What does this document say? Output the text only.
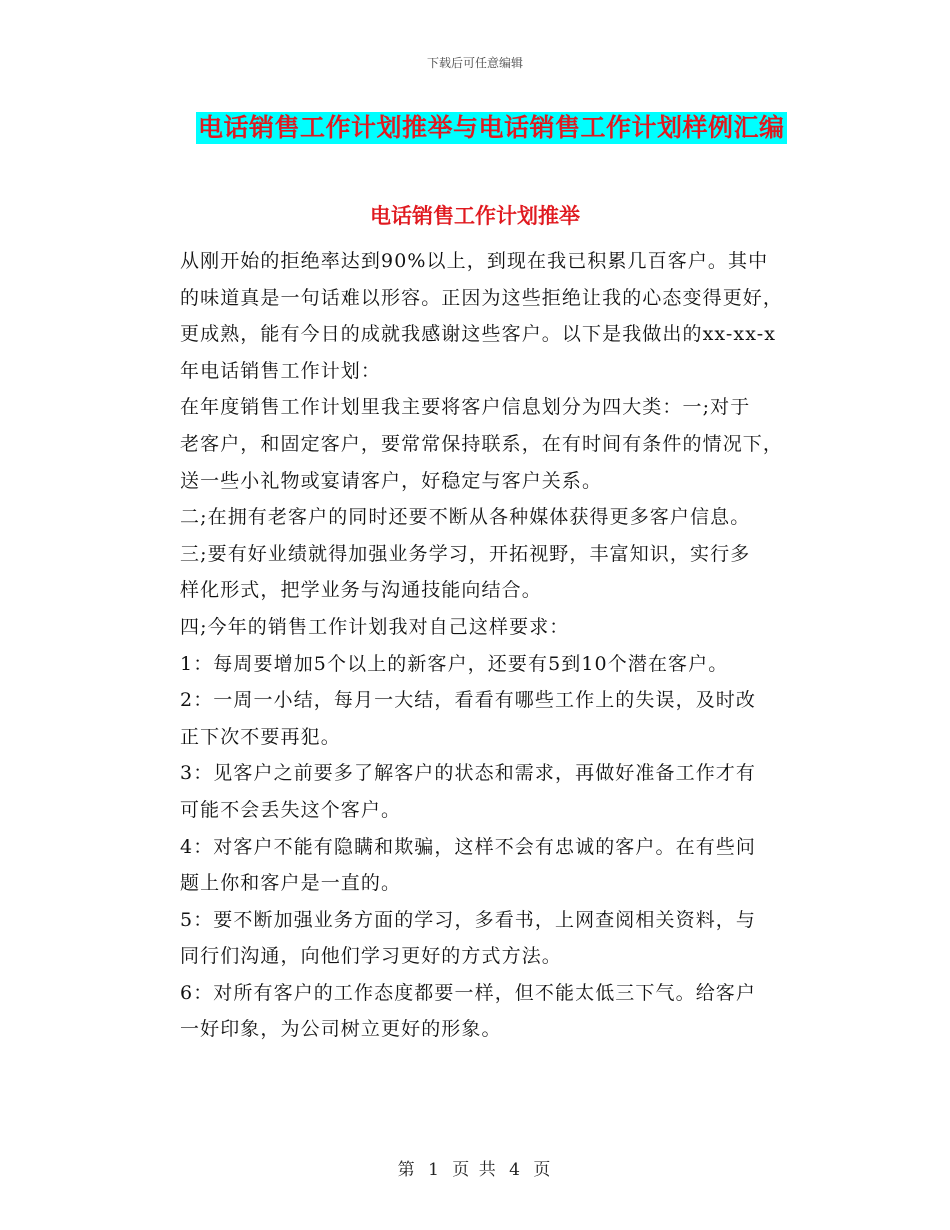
下载后可任意编辑
电话销售工作计划推举与电话销售工作计划样例汇编
电话销售工作计划推举

从刚开始的拒绝率达到90%以上，到现在我已积累几百客户。其中
的味道真是一句话难以形容。正因为这些拒绝让我的心态变得更好，
更成熟，能有今日的成就我感谢这些客户。以下是我做出的xx-xx-x
年电话销售工作计划：

在年度销售工作计划里我主要将客户信息划分为四大类：一;对于
老客户，和固定客户，要常常保持联系，在有时间有条件的情况下，
送一些小礼物或宴请客户，好稳定与客户关系。

二;在拥有老客户的同时还要不断从各种媒体获得更多客户信息。

三;要有好业绩就得加强业务学习，开拓视野，丰富知识，实行多
样化形式，把学业务与沟通技能向结合。

四;今年的销售工作计划我对自己这样要求：

1：每周要增加5个以上的新客户，还要有5到10个潜在客户。

2：一周一小结，每月一大结，看看有哪些工作上的失误，及时改
正下次不要再犯。

3：见客户之前要多了解客户的状态和需求，再做好准备工作才有
可能不会丢失这个客户。

4：对客户不能有隐瞒和欺骗，这样不会有忠诚的客户。在有些问
题上你和客户是一直的。

5：要不断加强业务方面的学习，多看书，上网查阅相关资料，与
同行们沟通，向他们学习更好的方式方法。

6：对所有客户的工作态度都要一样，但不能太低三下气。给客户
一好印象，为公司树立更好的形象。

第 1 页 共 4 页
